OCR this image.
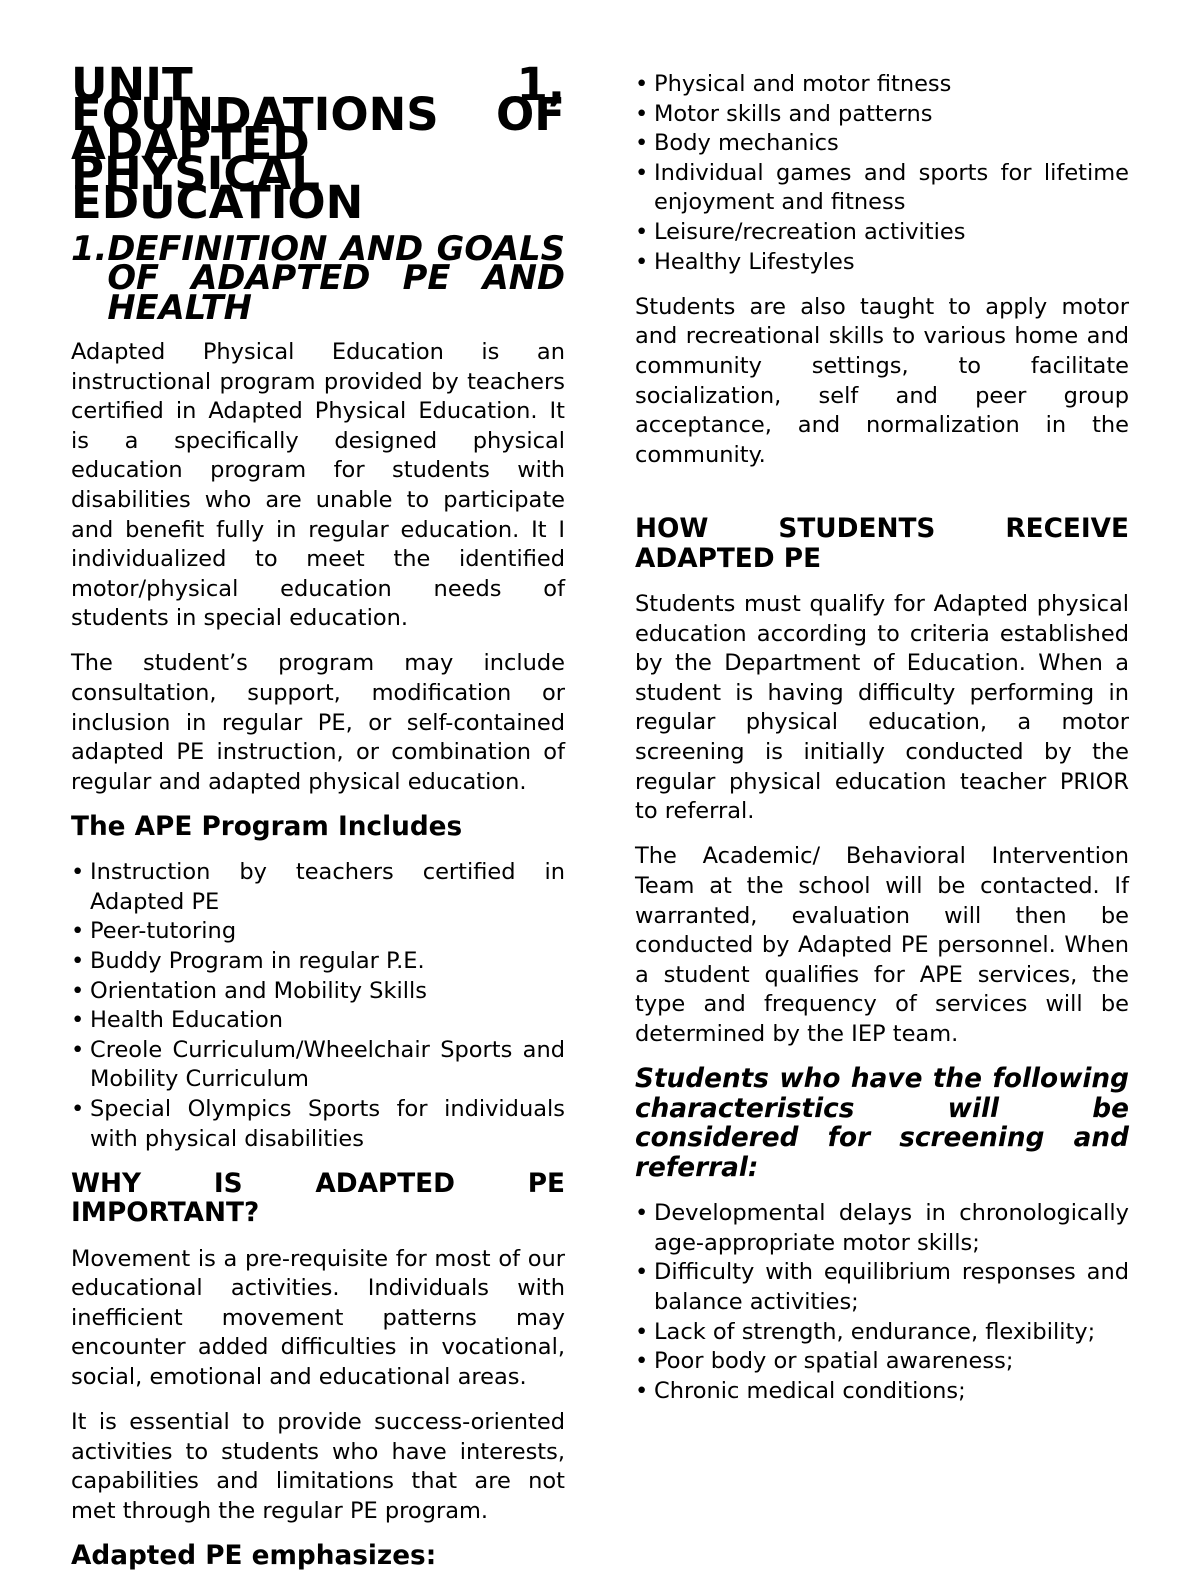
UNIT 1, FOUNDATIONS OF ADAPTED PHYSICAL EDUCATION
1. DEFINITION AND GOALS OF ADAPTED PE AND HEALTH

Adapted Physical Education is an instructional program provided by teachers certified in Adapted Physical Education. It is a specifically designed physical education program for students with disabilities who are unable to participate and benefit fully in regular education. It I individualized to meet the identified motor/physical education needs of students in special education.

The student’s program may include consultation, support, modification or inclusion in regular PE, or self-contained adapted PE instruction, or combination of regular and adapted physical education.

The APE Program Includes
• Instruction by teachers certified in Adapted PE
• Peer-tutoring
• Buddy Program in regular P.E.
• Orientation and Mobility Skills
• Health Education
• Creole Curriculum/Wheelchair Sports and Mobility Curriculum
• Special Olympics Sports for individuals with physical disabilities
WHY IS ADAPTED PE IMPORTANT?

Movement is a pre-requisite for most of our educational activities. Individuals with inefficient movement patterns may encounter added difficulties in vocational, social, emotional and educational areas.

It is essential to provide success-oriented activities to students who have interests, capabilities and limitations that are not met through the regular PE program.

Adapted PE emphasizes:
• Physical and motor fitness
• Motor skills and patterns
• Body mechanics
• Individual games and sports for lifetime enjoyment and fitness
• Leisure/recreation activities
• Healthy Lifestyles

Students are also taught to apply motor and recreational skills to various home and community settings, to facilitate socialization, self and peer group acceptance, and normalization in the community.

HOW STUDENTS RECEIVE ADAPTED PE

Students must qualify for Adapted physical education according to criteria established by the Department of Education. When a student is having difficulty performing in regular physical education, a motor screening is initially conducted by the regular physical education teacher PRIOR to referral.

The Academic/ Behavioral Intervention Team at the school will be contacted. If warranted, evaluation will then be conducted by Adapted PE personnel. When a student qualifies for APE services, the type and frequency of services will be determined by the IEP team.

Students who have the following characteristics will be considered for screening and referral:
• Developmental delays in chronologically age-appropriate motor skills;
• Difficulty with equilibrium responses and balance activities;
• Lack of strength, endurance, flexibility;
• Poor body or spatial awareness;
• Chronic medical conditions;
